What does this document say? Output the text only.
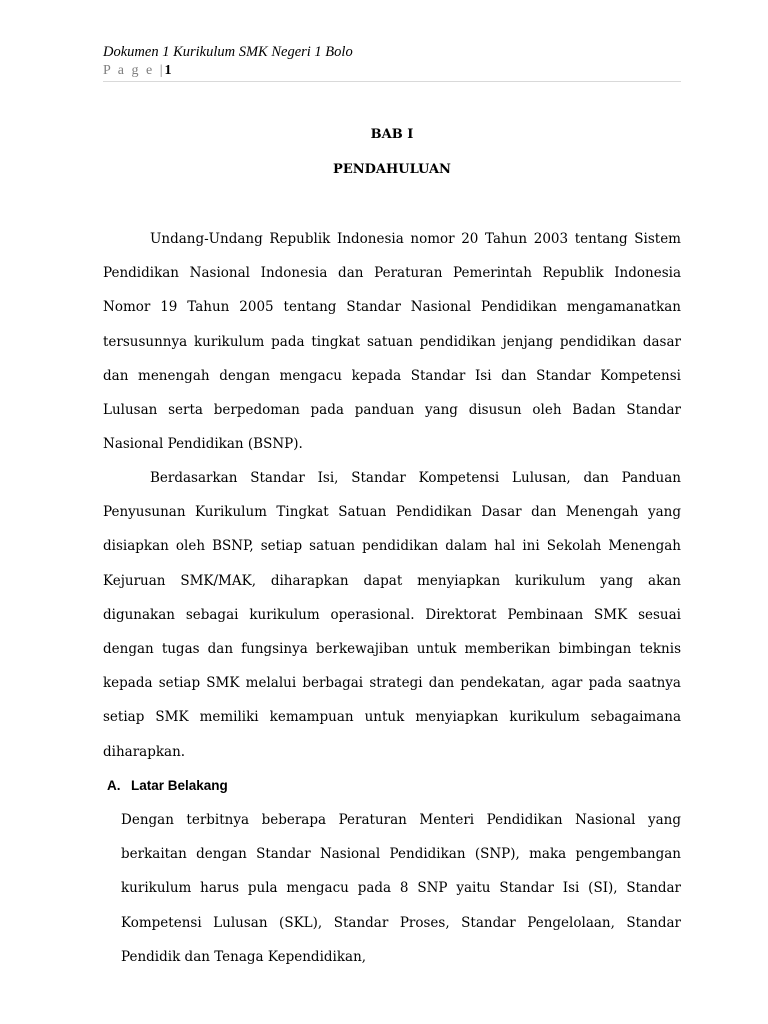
Dokumen 1 Kurikulum SMK Negeri 1 Bolo
P a g e | 1
BAB I
PENDAHULUAN

Undang-Undang Republik Indonesia nomor 20 Tahun 2003 tentang Sistem Pendidikan Nasional Indonesia dan Peraturan Pemerintah Republik Indonesia Nomor 19 Tahun 2005 tentang Standar Nasional Pendidikan mengamanatkan tersusunnya kurikulum pada tingkat satuan pendidikan jenjang pendidikan dasar dan menengah dengan mengacu kepada Standar Isi dan Standar Kompetensi Lulusan serta berpedoman pada panduan yang disusun oleh Badan Standar Nasional Pendidikan (BSNP).

Berdasarkan Standar Isi, Standar Kompetensi Lulusan, dan Panduan Penyusunan Kurikulum Tingkat Satuan Pendidikan Dasar dan Menengah yang disiapkan oleh BSNP, setiap satuan pendidikan dalam hal ini Sekolah Menengah Kejuruan SMK/MAK, diharapkan dapat menyiapkan kurikulum yang akan digunakan sebagai kurikulum operasional. Direktorat Pembinaan SMK sesuai dengan tugas dan fungsinya berkewajiban untuk memberikan bimbingan teknis kepada setiap SMK melalui berbagai strategi dan pendekatan, agar pada saatnya setiap SMK memiliki kemampuan untuk menyiapkan kurikulum sebagaimana diharapkan.

A. Latar Belakang

Dengan terbitnya beberapa Peraturan Menteri Pendidikan Nasional yang berkaitan dengan Standar Nasional Pendidikan (SNP), maka pengembangan kurikulum harus pula mengacu pada 8 SNP yaitu Standar Isi (SI), Standar Kompetensi Lulusan (SKL), Standar Proses, Standar Pengelolaan, Standar Pendidik dan Tenaga Kependidikan,
